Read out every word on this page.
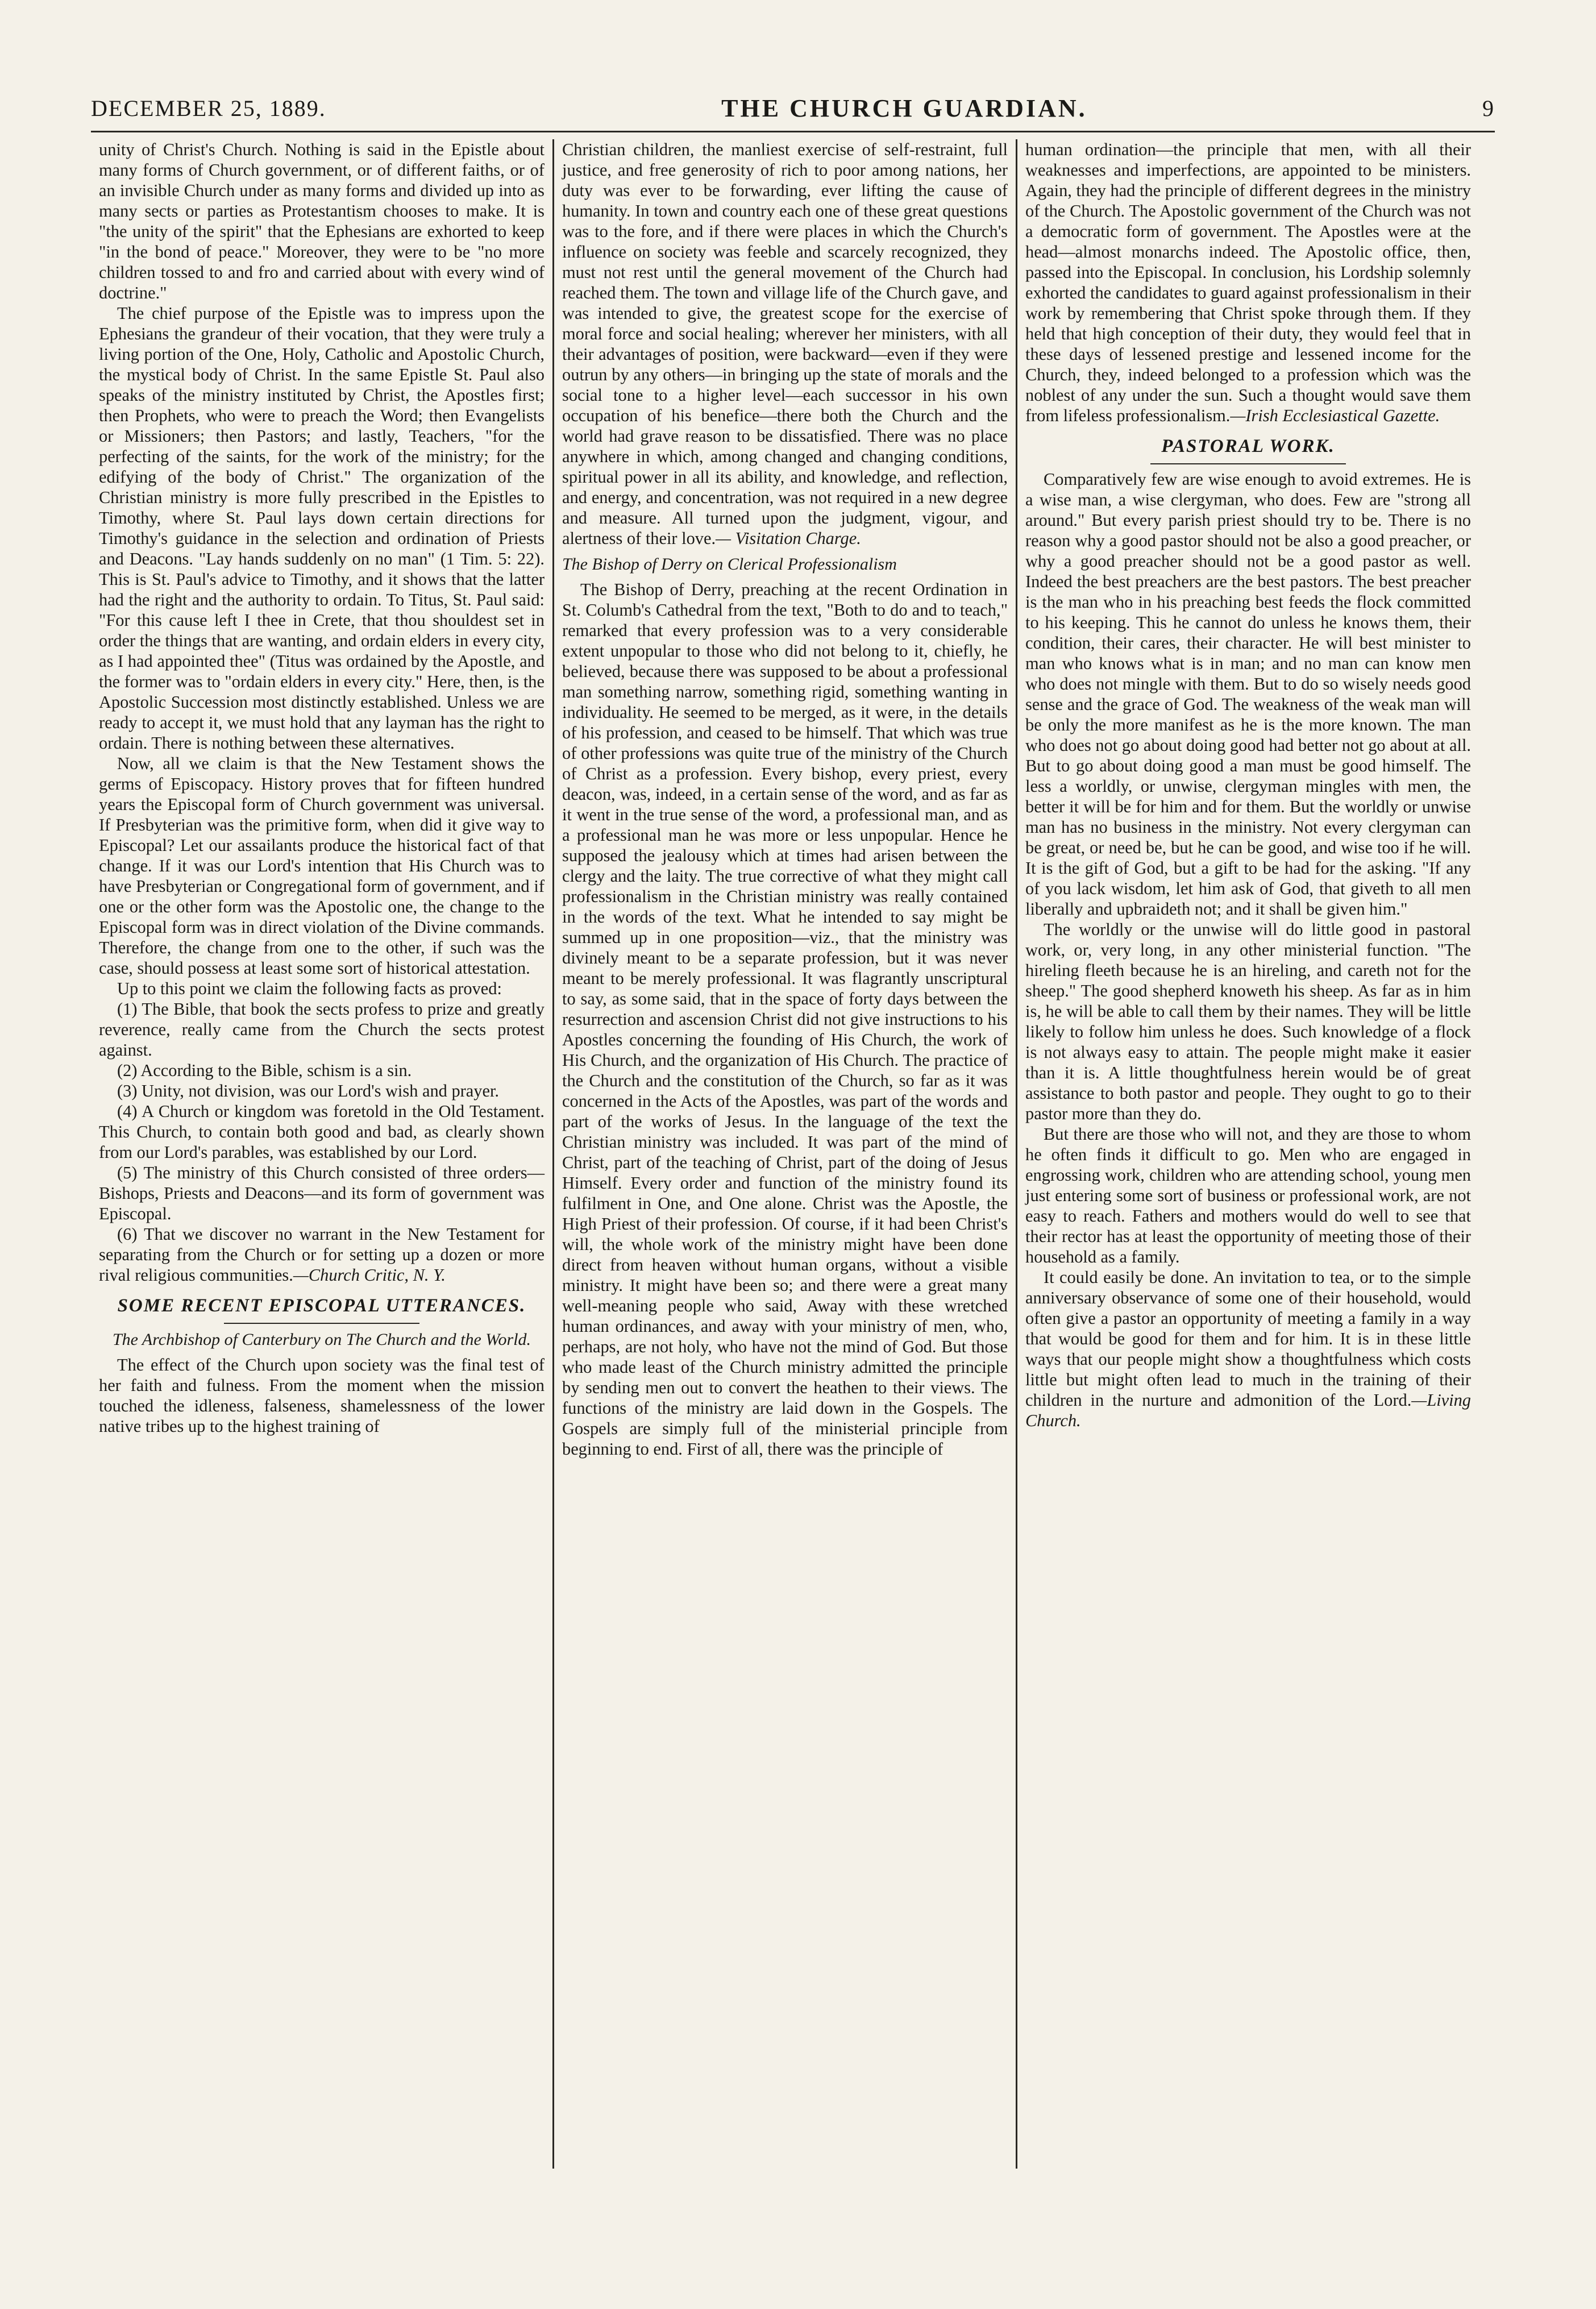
DECEMBER 25, 1889.	THE CHURCH GUARDIAN.	9

unity of Christ's Church. Nothing is said in the Epistle about many forms of Church government, or of different faiths, or of an invisible Church under as many forms and divided up into as many sects or parties as Protestantism chooses to make. It is "the unity of the spirit" that the Ephesians are exhorted to keep "in the bond of peace." Moreover, they were to be "no more children tossed to and fro and carried about with every wind of doctrine."

The chief purpose of the Epistle was to impress upon the Ephesians the grandeur of their vocation, that they were truly a living portion of the One, Holy, Catholic and Apostolic Church, the mystical body of Christ. In the same Epistle St. Paul also speaks of the ministry instituted by Christ, the Apostles first; then Prophets, who were to preach the Word; then Evangelists or Missioners; then Pastors; and lastly, Teachers, "for the perfecting of the saints, for the work of the ministry; for the edifying of the body of Christ." The organization of the Christian ministry is more fully prescribed in the Epistles to Timothy, where St. Paul lays down certain directions for Timothy's guidance in the selection and ordination of Priests and Deacons. "Lay hands suddenly on no man" (1 Tim. 5: 22). This is St. Paul's advice to Timothy, and it shows that the latter had the right and the authority to ordain. To Titus, St. Paul said: "For this cause left I thee in Crete, that thou shouldest set in order the things that are wanting, and ordain elders in every city, as I had appointed thee" (Titus was ordained by the Apostle, and the former was to "ordain elders in every city." Here, then, is the Apostolic Succession most distinctly established. Unless we are ready to accept it, we must hold that any layman has the right to ordain. There is nothing between these alternatives.

Now, all we claim is that the New Testament shows the germs of Episcopacy. History proves that for fifteen hundred years the Episcopal form of Church government was universal. If Presbyterian was the primitive form, when did it give way to Episcopal? Let our assailants produce the historical fact of that change. If it was our Lord's intention that His Church was to have Presbyterian or Congregational form of government, and if one or the other form was the Apostolic one, the change to the Episcopal form was in direct violation of the Divine commands. Therefore, the change from one to the other, if such was the case, should possess at least some sort of historical attestation.

Up to this point we claim the following facts as proved:

(1) The Bible, that book the sects profess to prize and greatly reverence, really came from the Church the sects protest against.

(2) According to the Bible, schism is a sin.

(3) Unity, not division, was our Lord's wish and prayer.

(4) A Church or kingdom was foretold in the Old Testament. This Church, to contain both good and bad, as clearly shown from our Lord's parables, was established by our Lord.

(5) The ministry of this Church consisted of three orders—Bishops, Priests and Deacons—and its form of government was Episcopal.

(6) That we discover no warrant in the New Testament for separating from the Church or for setting up a dozen or more rival religious communities.—Church Critic, N. Y.

SOME RECENT EPISCOPAL UTTERANCES.
The Archbishop of Canterbury on The Church and the World.

The effect of the Church upon society was the final test of her faith and fulness. From the moment when the mission touched the idleness, falseness, shamelessness of the lower native tribes up to the highest training of

Christian children, the manliest exercise of self-restraint, full justice, and free generosity of rich to poor among nations, her duty was ever to be forwarding, ever lifting the cause of humanity. In town and country each one of these great questions was to the fore, and if there were places in which the Church's influence on society was feeble and scarcely recognized, they must not rest until the general movement of the Church had reached them. The town and village life of the Church gave, and was intended to give, the greatest scope for the exercise of moral force and social healing; wherever her ministers, with all their advantages of position, were backward—even if they were outrun by any others—in bringing up the state of morals and the social tone to a higher level—each successor in his own occupation of his benefice—there both the Church and the world had grave reason to be dissatisfied. There was no place anywhere in which, among changed and changing conditions, spiritual power in all its ability, and knowledge, and reflection, and energy, and concentration, was not required in a new degree and measure. All turned upon the judgment, vigour, and alertness of their love.— Visitation Charge.

The Bishop of Derry on Clerical Professionalism

The Bishop of Derry, preaching at the recent Ordination in St. Columb's Cathedral from the text, "Both to do and to teach," remarked that every profession was to a very considerable extent unpopular to those who did not belong to it, chiefly, he believed, because there was supposed to be about a professional man something narrow, something rigid, something wanting in individuality. He seemed to be merged, as it were, in the details of his profession, and ceased to be himself. That which was true of other professions was quite true of the ministry of the Church of Christ as a profession. Every bishop, every priest, every deacon, was, indeed, in a certain sense of the word, and as far as it went in the true sense of the word, a professional man, and as a professional man he was more or less unpopular. Hence he supposed the jealousy which at times had arisen between the clergy and the laity. The true corrective of what they might call professionalism in the Christian ministry was really contained in the words of the text. What he intended to say might be summed up in one proposition—viz., that the ministry was divinely meant to be a separate profession, but it was never meant to be merely professional. It was flagrantly unscriptural to say, as some said, that in the space of forty days between the resurrection and ascension Christ did not give instructions to his Apostles concerning the founding of His Church, the work of His Church, and the organization of His Church. The practice of the Church and the constitution of the Church, so far as it was concerned in the Acts of the Apostles, was part of the words and part of the works of Jesus. In the language of the text the Christian ministry was included. It was part of the mind of Christ, part of the teaching of Christ, part of the doing of Jesus Himself. Every order and function of the ministry found its fulfilment in One, and One alone. Christ was the Apostle, the High Priest of their profession. Of course, if it had been Christ's will, the whole work of the ministry might have been done direct from heaven without human organs, without a visible ministry. It might have been so; and there were a great many well-meaning people who said, Away with these wretched human ordinances, and away with your ministry of men, who, perhaps, are not holy, who have not the mind of God. But those who made least of the Church ministry admitted the principle by sending men out to convert the heathen to their views. The functions of the ministry are laid down in the Gospels. The Gospels are simply full of the ministerial principle from beginning to end. First of all, there was the principle of

human ordination—the principle that men, with all their weaknesses and imperfections, are appointed to be ministers. Again, they had the principle of different degrees in the ministry of the Church. The Apostolic government of the Church was not a democratic form of government. The Apostles were at the head—almost monarchs indeed. The Apostolic office, then, passed into the Episcopal. In conclusion, his Lordship solemnly exhorted the candidates to guard against professionalism in their work by remembering that Christ spoke through them. If they held that high conception of their duty, they would feel that in these days of lessened prestige and lessened income for the Church, they, indeed belonged to a profession which was the noblest of any under the sun. Such a thought would save them from lifeless professionalism.—Irish Ecclesiastical Gazette.

PASTORAL WORK.

Comparatively few are wise enough to avoid extremes. He is a wise man, a wise clergyman, who does. Few are "strong all around." But every parish priest should try to be. There is no reason why a good pastor should not be also a good preacher, or why a good preacher should not be a good pastor as well. Indeed the best preachers are the best pastors. The best preacher is the man who in his preaching best feeds the flock committed to his keeping. This he cannot do unless he knows them, their condition, their cares, their character. He will best minister to man who knows what is in man; and no man can know men who does not mingle with them. But to do so wisely needs good sense and the grace of God. The weakness of the weak man will be only the more manifest as he is the more known. The man who does not go about doing good had better not go about at all. But to go about doing good a man must be good himself. The less a worldly, or unwise, clergyman mingles with men, the better it will be for him and for them. But the worldly or unwise man has no business in the ministry. Not every clergyman can be great, or need be, but he can be good, and wise too if he will. It is the gift of God, but a gift to be had for the asking. "If any of you lack wisdom, let him ask of God, that giveth to all men liberally and upbraideth not; and it shall be given him."

The worldly or the unwise will do little good in pastoral work, or, very long, in any other ministerial function. "The hireling fleeth because he is an hireling, and careth not for the sheep." The good shepherd knoweth his sheep. As far as in him is, he will be able to call them by their names. They will be little likely to follow him unless he does. Such knowledge of a flock is not always easy to attain. The people might make it easier than it is. A little thoughtfulness herein would be of great assistance to both pastor and people. They ought to go to their pastor more than they do.

But there are those who will not, and they are those to whom he often finds it difficult to go. Men who are engaged in engrossing work, children who are attending school, young men just entering some sort of business or professional work, are not easy to reach. Fathers and mothers would do well to see that their rector has at least the opportunity of meeting those of their household as a family.

It could easily be done. An invitation to tea, or to the simple anniversary observance of some one of their household, would often give a pastor an opportunity of meeting a family in a way that would be good for them and for him. It is in these little ways that our people might show a thoughtfulness which costs little but might often lead to much in the training of their children in the nurture and admonition of the Lord.—Living Church.
